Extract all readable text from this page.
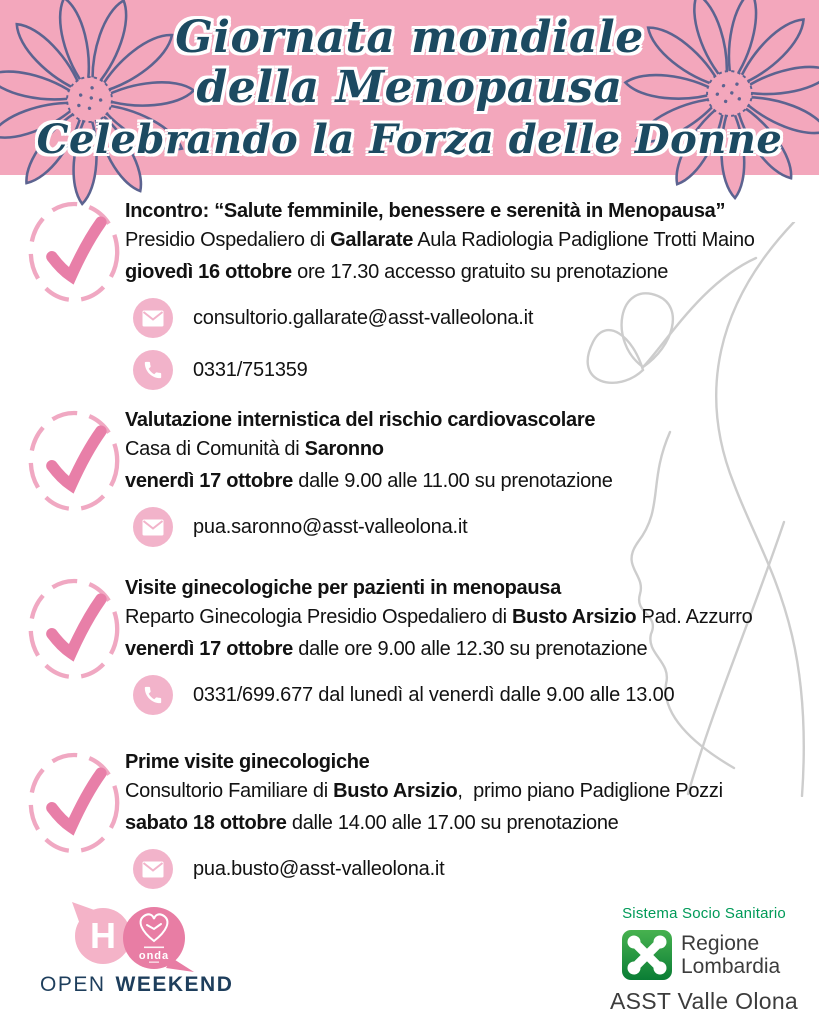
Giornata mondiale
della Menopausa
Celebrando la Forza delle Donne
Incontro: “Salute femminile, benessere e serenità in Menopausa”
Presidio Ospedaliero di Gallarate Aula Radiologia Padiglione Trotti Maino
giovedì 16 ottobre ore 17.30 accesso gratuito su prenotazione
consultorio.gallarate@asst-valleolona.it
0331/751359
Valutazione internistica del rischio cardiovascolare
Casa di Comunità di Saronno
venerdì 17 ottobre dalle 9.00 alle 11.00 su prenotazione
pua.saronno@asst-valleolona.it
Visite ginecologiche per pazienti in menopausa
Reparto Ginecologia Presidio Ospedaliero di Busto Arsizio Pad. Azzurro
venerdì 17 ottobre dalle ore 9.00 alle 12.30 su prenotazione
0331/699.677 dal lunedì al venerdì dalle 9.00 alle 13.00
Prime visite ginecologiche
Consultorio Familiare di Busto Arsizio,  primo piano Padiglione Pozzi
sabato 18 ottobre dalle 14.00 alle 17.00 su prenotazione
pua.busto@asst-valleolona.it
H onda
OPEN WEEKEND
Sistema Socio Sanitario
Regione
Lombardia
ASST Valle Olona
